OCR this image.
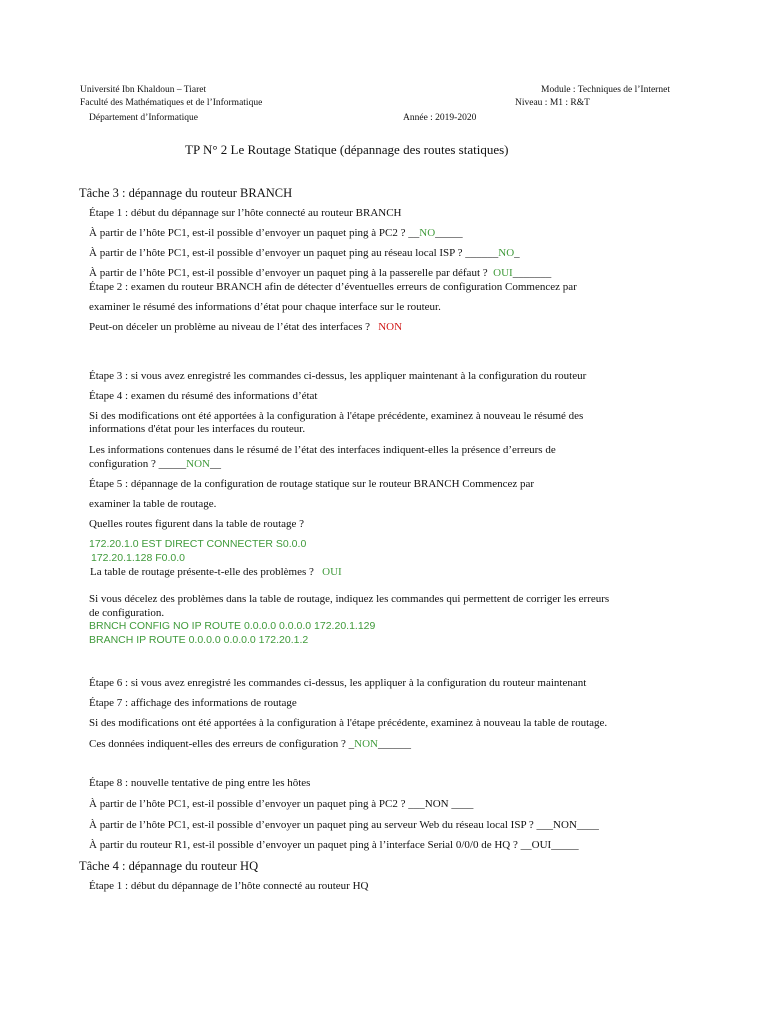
Université Ibn Khaldoun – Tiaret
Faculté des Mathématiques et de l’Informatique
Département d’Informatique
Module : Techniques de l’Internet
Niveau : M1 : R&T
Année : 2019-2020
TP N° 2 Le Routage Statique (dépannage des routes statiques)
Tâche 3 : dépannage du routeur BRANCH
Étape 1 : début du dépannage sur l’hôte connecté au routeur BRANCH
À partir de l’hôte PC1, est-il possible d’envoyer un paquet ping à PC2 ? __NO_____
À partir de l’hôte PC1, est-il possible d’envoyer un paquet ping au réseau local ISP ? ______NO_
À partir de l’hôte PC1, est-il possible d’envoyer un paquet ping à la passerelle par défaut ? OUI_______
Étape 2 : examen du routeur BRANCH afin de détecter d’éventuelles erreurs de configuration Commencez par
examiner le résumé des informations d’état pour chaque interface sur le routeur.
Peut-on déceler un problème au niveau de l’état des interfaces ? NON
Étape 3 : si vous avez enregistré les commandes ci-dessus, les appliquer maintenant à la configuration du routeur
Étape 4 : examen du résumé des informations d’état
Si des modifications ont été apportées à la configuration à l'étape précédente, examinez à nouveau le résumé des
informations d'état pour les interfaces du routeur.
Les informations contenues dans le résumé de l’état des interfaces indiquent-elles la présence d’erreurs de
configuration ? _____NON__
Étape 5 : dépannage de la configuration de routage statique sur le routeur BRANCH Commencez par
examiner la table de routage.
Quelles routes figurent dans la table de routage ?
172.20.1.0 EST DIRECT CONNECTER S0.0.0
172.20.1.128 F0.0.0
La table de routage présente-t-elle des problèmes ? OUI
Si vous décelez des problèmes dans la table de routage, indiquez les commandes qui permettent de corriger les erreurs
de configuration.
BRNCH CONFIG NO IP ROUTE 0.0.0.0 0.0.0.0 172.20.1.129
BRANCH IP ROUTE 0.0.0.0 0.0.0.0 172.20.1.2
Étape 6 : si vous avez enregistré les commandes ci-dessus, les appliquer à la configuration du routeur maintenant
Étape 7 : affichage des informations de routage
Si des modifications ont été apportées à la configuration à l'étape précédente, examinez à nouveau la table de routage.
Ces données indiquent-elles des erreurs de configuration ? _NON______
Étape 8 : nouvelle tentative de ping entre les hôtes
À partir de l’hôte PC1, est-il possible d’envoyer un paquet ping à PC2 ? ___NON ____
À partir de l’hôte PC1, est-il possible d’envoyer un paquet ping au serveur Web du réseau local ISP ? ___NON____
À partir du routeur R1, est-il possible d’envoyer un paquet ping à l’interface Serial 0/0/0 de HQ ? __OUI_____
Tâche 4 : dépannage du routeur HQ
Étape 1 : début du dépannage de l’hôte connecté au routeur HQ
